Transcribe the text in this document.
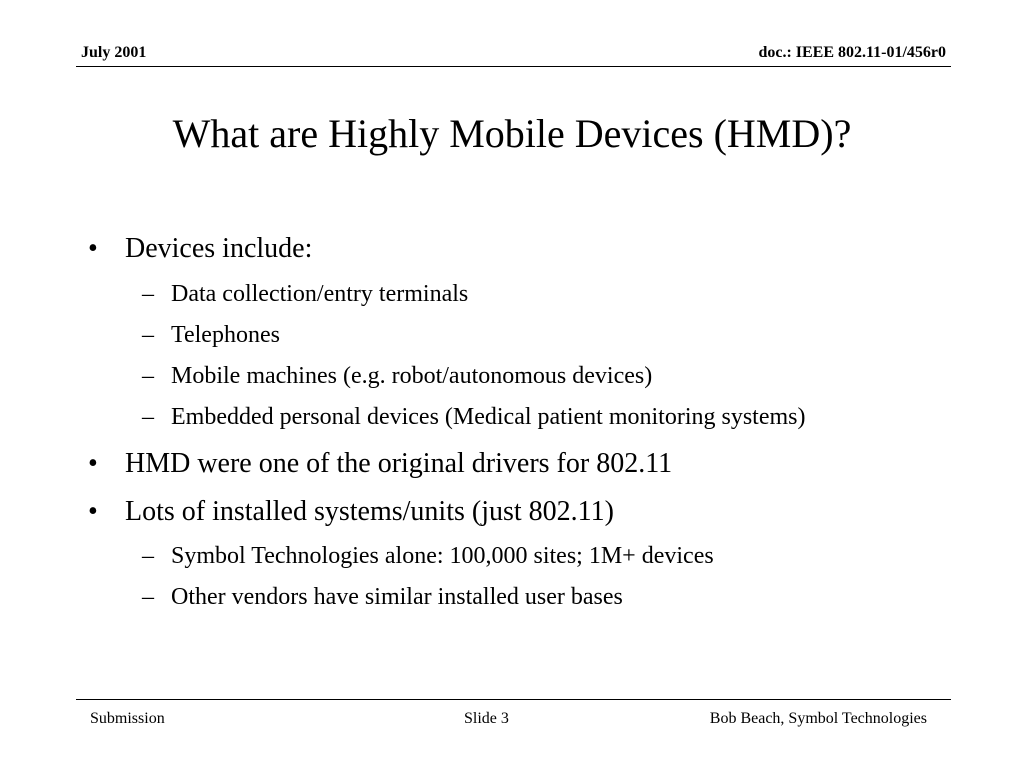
July 2001	doc.: IEEE 802.11-01/456r0
What are Highly Mobile Devices (HMD)?
• Devices include:
– Data collection/entry terminals
– Telephones
– Mobile machines (e.g. robot/autonomous devices)
– Embedded personal devices (Medical patient monitoring systems)
• HMD were one of the original drivers for 802.11
• Lots of installed systems/units (just 802.11)
– Symbol Technologies alone: 100,000 sites; 1M+ devices
– Other vendors have similar installed user bases
Submission	Slide 3	Bob Beach, Symbol Technologies
